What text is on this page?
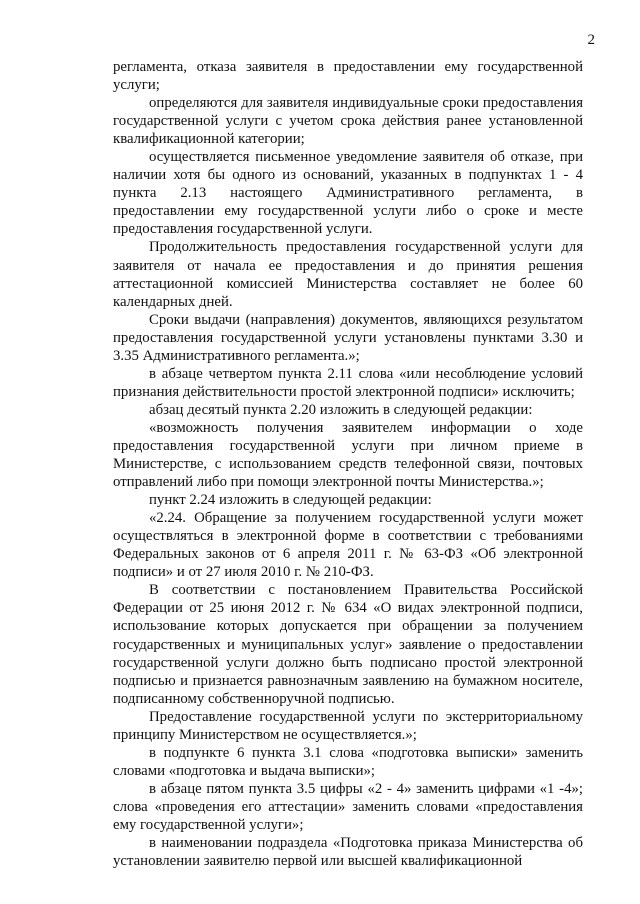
2

регламента, отказа заявителя в предоставлении ему государственной услуги;

определяются для заявителя индивидуальные сроки предоставления государственной услуги с учетом срока действия ранее установленной квалификационной категории;

осуществляется письменное уведомление заявителя об отказе, при наличии хотя бы одного из оснований, указанных в подпунктах 1 - 4 пункта 2.13 настоящего Административного регламента, в предоставлении ему государственной услуги либо о сроке и месте предоставления государственной услуги.

Продолжительность предоставления государственной услуги для заявителя от начала ее предоставления и до принятия решения аттестационной комиссией Министерства составляет не более 60 календарных дней.

Сроки выдачи (направления) документов, являющихся результатом предоставления государственной услуги установлены пунктами 3.30 и 3.35 Административного регламента.»;

в абзаце четвертом пункта 2.11 слова «или несоблюдение условий признания действительности простой электронной подписи» исключить;

абзац десятый пункта 2.20 изложить в следующей редакции:

«возможность получения заявителем информации о ходе предоставления государственной услуги при личном приеме в Министерстве, с использованием средств телефонной связи, почтовых отправлений либо при помощи электронной почты Министерства.»;

пункт 2.24 изложить в следующей редакции:

«2.24. Обращение за получением государственной услуги может осуществляться в электронной форме в соответствии с требованиями Федеральных законов от 6 апреля 2011 г. № 63-ФЗ «Об электронной подписи» и от 27 июля 2010 г. № 210-ФЗ.

В соответствии с постановлением Правительства Российской Федерации от 25 июня 2012 г. № 634 «О видах электронной подписи, использование которых допускается при обращении за получением государственных и муниципальных услуг» заявление о предоставлении государственной услуги должно быть подписано простой электронной подписью и признается равнозначным заявлению на бумажном носителе, подписанному собственноручной подписью.

Предоставление государственной услуги по экстерриториальному принципу Министерством не осуществляется.»;

в подпункте 6 пункта 3.1 слова «подготовка выписки» заменить словами «подготовка и выдача выписки»;

в абзаце пятом пункта 3.5 цифры «2 - 4» заменить цифрами «1 -4»; слова «проведения его аттестации» заменить словами «предоставления ему государственной услуги»;

в наименовании подраздела «Подготовка приказа Министерства об установлении заявителю первой или высшей квалификационной
